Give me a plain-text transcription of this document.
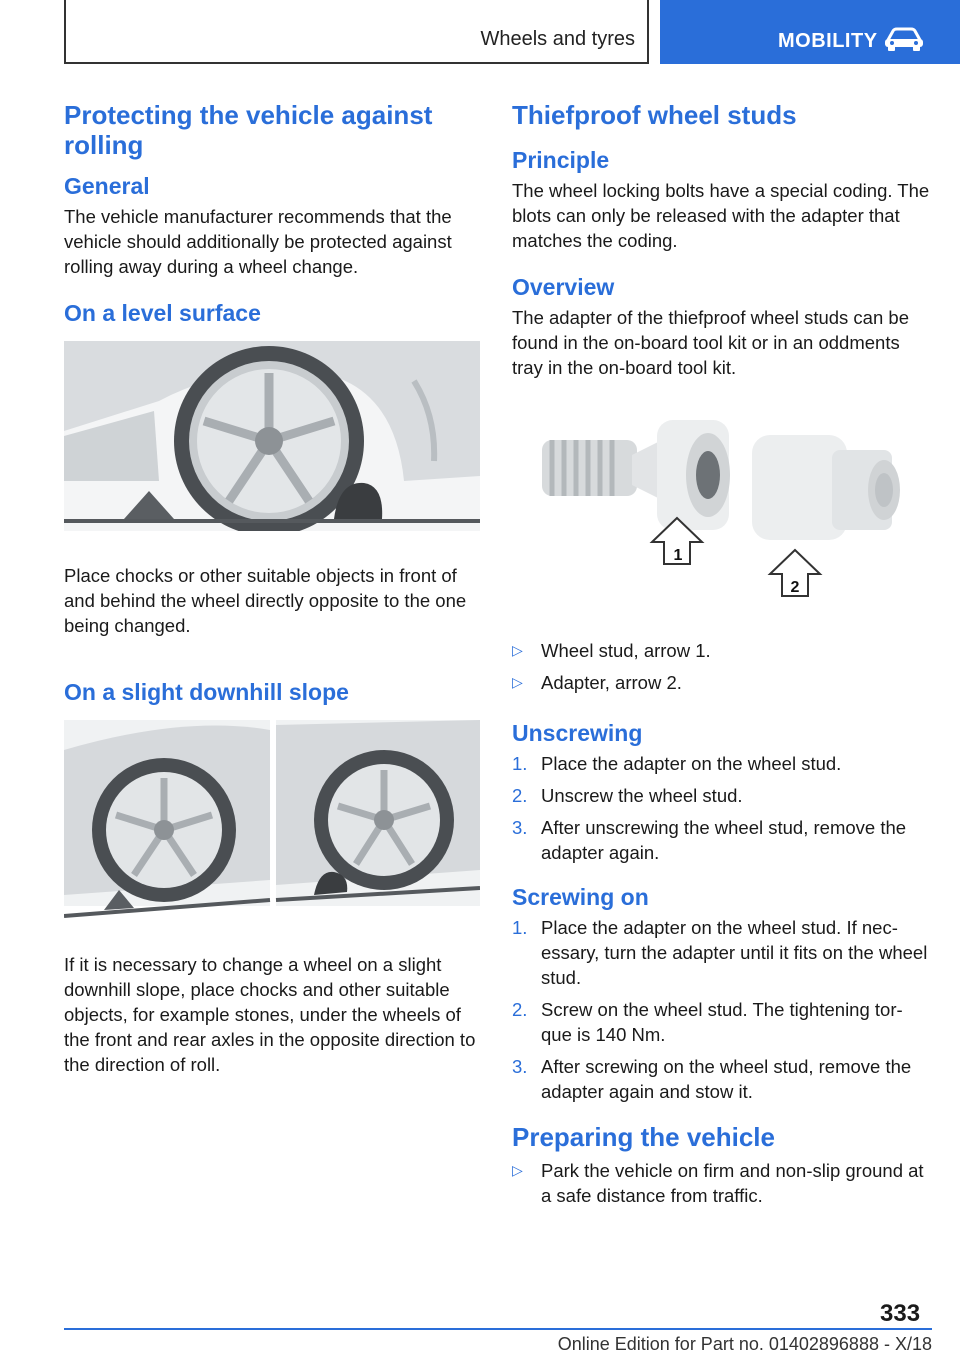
Wheels and tyres	MOBILITY
Protecting the vehicle against rolling
General
The vehicle manufacturer recommends that the vehicle should additionally be protected against rolling away during a wheel change.
On a level surface
Place chocks or other suitable objects in front of and behind the wheel directly opposite to the one being changed.
On a slight downhill slope
If it is necessary to change a wheel on a slight downhill slope, place chocks and other suitable objects, for example stones, under the wheels of the front and rear axles in the opposite direction to the direction of roll.
Thiefproof wheel studs
Principle
The wheel locking bolts have a special coding. The blots can only be released with the adapter that matches the coding.
Overview
The adapter of the thiefproof wheel studs can be found in the on-board tool kit or in an oddments tray in the on-board tool kit.
1
2
▷ Wheel stud, arrow 1.
▷ Adapter, arrow 2.
Unscrewing
1. Place the adapter on the wheel stud.
2. Unscrew the wheel stud.
3. After unscrewing the wheel stud, remove the adapter again.
Screwing on
1. Place the adapter on the wheel stud. If nec-essary, turn the adapter until it fits on the wheel stud.
2. Screw on the wheel stud. The tightening tor-que is 140 Nm.
3. After screwing on the wheel stud, remove the adapter again and stow it.
Preparing the vehicle
▷ Park the vehicle on firm and non-slip ground at a safe distance from traffic.
333
Online Edition for Part no. 01402896888 - X/18
